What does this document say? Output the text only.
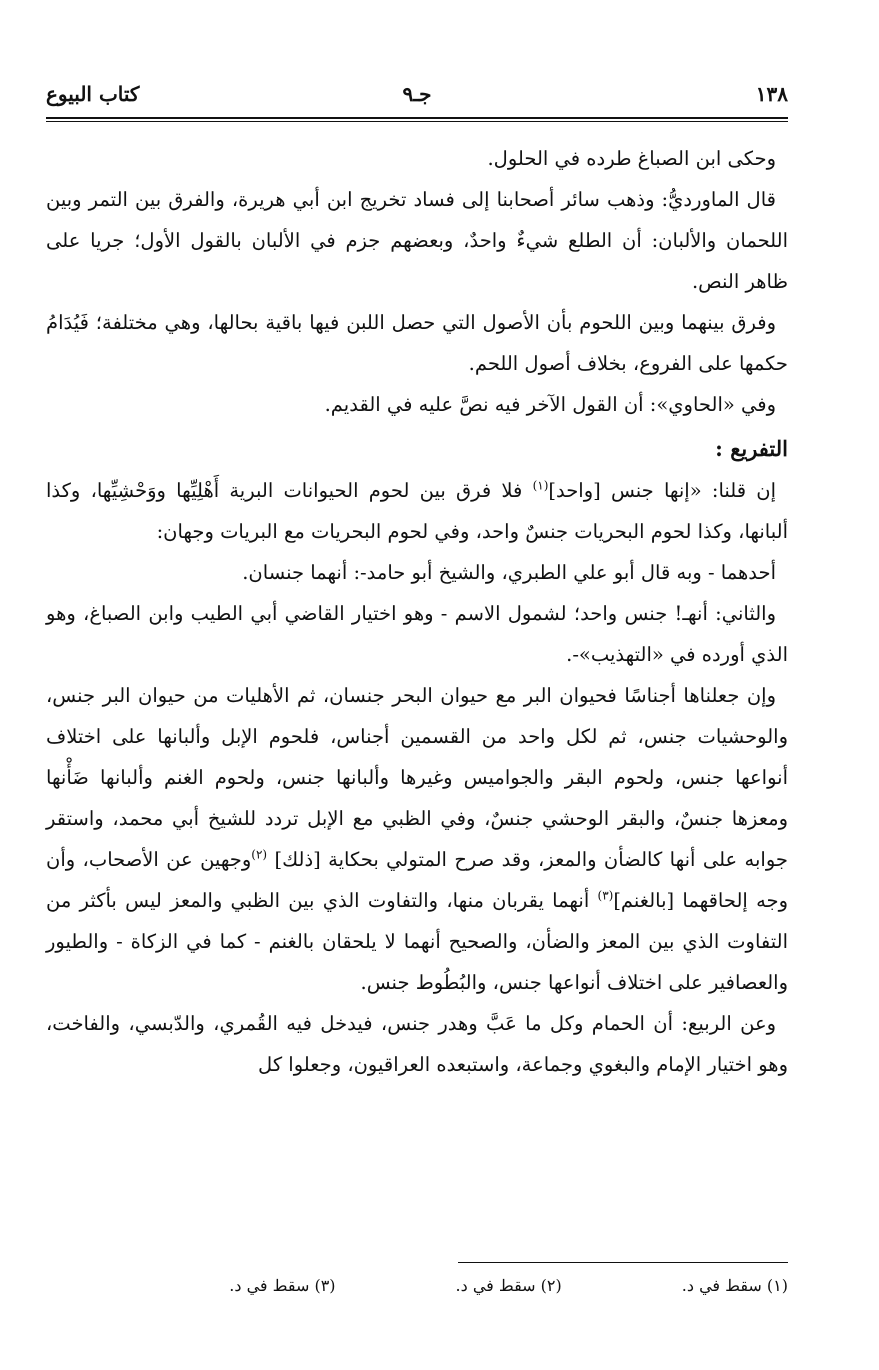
١٣٨
جـ٩
كتاب البيوع

وحكى ابن الصباغ طرده في الحلول.

قال الماورديُّ: وذهب سائر أصحابنا إلى فساد تخريج ابن أبي هريرة، والفرق بين التمر وبين اللحمان والألبان: أن الطلع شيءٌ واحدٌ، وبعضهم جزم في الألبان بالقول الأول؛ جريا على ظاهر النص.

وفرق بينهما وبين اللحوم بأن الأصول التي حصل اللبن فيها باقية بحالها، وهي مختلفة؛ فَيُدَامُ حكمها على الفروع، بخلاف أصول اللحم.

وفي «الحاوي»: أن القول الآخر فيه نصَّ عليه في القديم.

التفريع :

إن قلنا: «إنها جنس [واحد]$^{(١)}$ فلا فرق بين لحوم الحيوانات البرية أَهْلِيِّها ووَحْشِيِّها، وكذا ألبانها، وكذا لحوم البحريات جنسٌ واحد، وفي لحوم البحريات مع البريات وجهان:

أحدهما - وبه قال أبو علي الطبري، والشيخ أبو حامد-: أنهما جنسان.

والثاني: أنهـ! جنس واحد؛ لشمول الاسم - وهو اختيار القاضي أبي الطيب وابن الصباغ، وهو الذي أورده في «التهذيب»-.

وإن جعلناها أجناسًا فحيوان البر مع حيوان البحر جنسان، ثم الأهليات من حيوان البر جنس، والوحشيات جنس، ثم لكل واحد من القسمين أجناس، فلحوم الإبل وألبانها على اختلاف أنواعها جنس، ولحوم البقر والجواميس وغيرها وألبانها جنس، ولحوم الغنم وألبانها ضَأْنها ومعزها جنسٌ، والبقر الوحشي جنسٌ، وفي الظبي مع الإبل تردد للشيخ أبي محمد، واستقر جوابه على أنها كالضأن والمعز، وقد صرح المتولي بحكاية [ذلك] $^{(٢)}$وجهين عن الأصحاب، وأن وجه إلحاقهما [بالغنم]$^{(٣)}$ أنهما يقربان منها، والتفاوت الذي بين الظبي والمعز ليس بأكثر من التفاوت الذي بين المعز والضأن، والصحيح أنهما لا يلحقان بالغنم - كما في الزكاة - والطيور والعصافير على اختلاف أنواعها جنس، والبُطُوط جنس.

وعن الربيع: أن الحمام وكل ما عَبَّ وهدر جنس، فيدخل فيه القُمري، والدّبسي، والفاخت، وهو اختيار الإمام والبغوي وجماعة، واستبعده العراقيون، وجعلوا كل

(١) سقط في د.(٢) سقط في د.(٣) سقط في د.
